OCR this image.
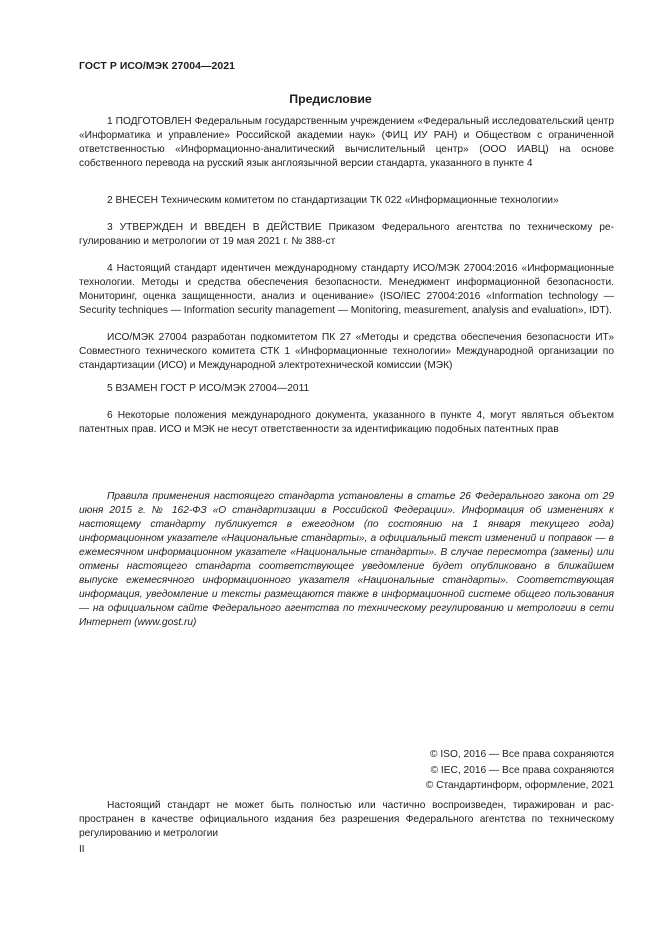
ГОСТ Р ИСО/МЭК 27004—2021
Предисловие

1 ПОДГОТОВЛЕН Федеральным государственным учреждением «Федеральный исследовательский центр «Информатика и управление» Российской академии наук» (ФИЦ ИУ РАН) и Обществом с ограниченной ответственностью «Информационно-аналитический вычислительный центр» (ООО ИАВЦ) на основе собственного перевода на русский язык англоязычной версии стандарта, указанного в пункте 4

2 ВНЕСЕН Техническим комитетом по стандартизации ТК 022 «Информационные технологии»

3 УТВЕРЖДЕН И ВВЕДЕН В ДЕЙСТВИЕ Приказом Федерального агентства по техническому регулированию и метрологии от 19 мая 2021 г. № 388-ст

4 Настоящий стандарт идентичен международному стандарту ИСО/МЭК 27004:2016 «Информационные технологии. Методы и средства обеспечения безопасности. Менеджмент информационной безопасности. Мониторинг, оценка защищенности, анализ и оценивание» (ISO/IEC 27004:2016 «Information technology — Security techniques — Information security management — Monitoring, measurement, analysis and evaluation», IDT).

ИСО/МЭК 27004 разработан подкомитетом ПК 27 «Методы и средства обеспечения безопасности ИТ» Совместного технического комитета СТК 1 «Информационные технологии» Международной организации по стандартизации (ИСО) и Международной электротехнической комиссии (МЭК)

5 ВЗАМЕН ГОСТ Р ИСО/МЭК 27004—2011

6 Некоторые положения международного документа, указанного в пункте 4, могут являться объектом патентных прав. ИСО и МЭК не несут ответственности за идентификацию подобных патентных прав

Правила применения настоящего стандарта установлены в статье 26 Федерального закона от 29 июня 2015 г. № 162-ФЗ «О стандартизации в Российской Федерации». Информация об изменениях к настоящему стандарту публикуется в ежегодном (по состоянию на 1 января текущего года) информационном указателе «Национальные стандарты», а официальный текст изменений и поправок — в ежемесячном информационном указателе «Национальные стандарты». В случае пересмотра (замены) или отмены настоящего стандарта соответствующее уведомление будет опубликовано в ближайшем выпуске ежемесячного информационного указателя «Национальные стандарты». Соответствующая информация, уведомление и тексты размещаются также в информационной системе общего пользования — на официальном сайте Федерального агентства по техническому регулированию и метрологии в сети Интернет (www.gost.ru)

© ISO, 2016 — Все права сохраняются
© IEC, 2016 — Все права сохраняются
© Стандартинформ, оформление, 2021

Настоящий стандарт не может быть полностью или частично воспроизведен, тиражирован и распространен в качестве официального издания без разрешения Федерального агентства по техническому регулированию и метрологии

II
